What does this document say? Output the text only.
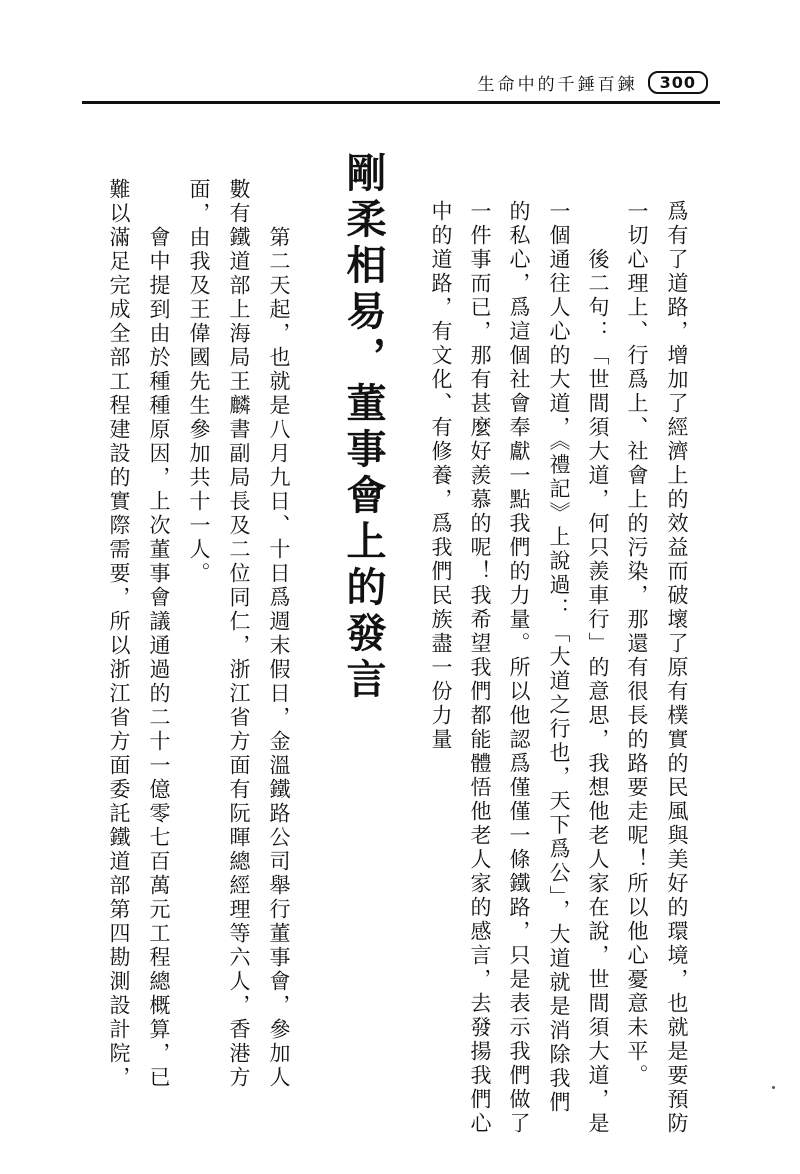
生命中的千錘百鍊	300
爲有了道路，增加了經濟上的效益而破壞了原有樸實的民風與美好的環境，也就是要預防
一切心理上、行爲上、社會上的污染，那還有很長的路要走呢！所以他心憂意未平。
　　後二句：「世間須大道，何只羨車行」的意思，我想他老人家在說，世間須大道，是
一個通往人心的大道，《禮記》上說過：「大道之行也，天下爲公」，大道就是消除我們
的私心，爲這個社會奉獻一點我們的力量。所以他認爲僅僅一條鐵路，只是表示我們做了
一件事而已，那有甚麼好羨慕的呢！我希望我們都能體悟他老人家的感言，去發揚我們心
中的道路，有文化、有修養，爲我們民族盡一份力量
剛柔相易，董事會上的發言
　　第二天起，也就是八月九日、十日爲週末假日，金溫鐵路公司舉行董事會，參加人
數有鐵道部上海局王麟書副局長及二位同仁，浙江省方面有阮暉總經理等六人，香港方
面，由我及王偉國先生參加共十一人。
　　會中提到由於種種原因，上次董事會議通過的二十一億零七百萬元工程總概算，已
難以滿足完成全部工程建設的實際需要，所以浙江省方面委託鐵道部第四勘測設計院，
